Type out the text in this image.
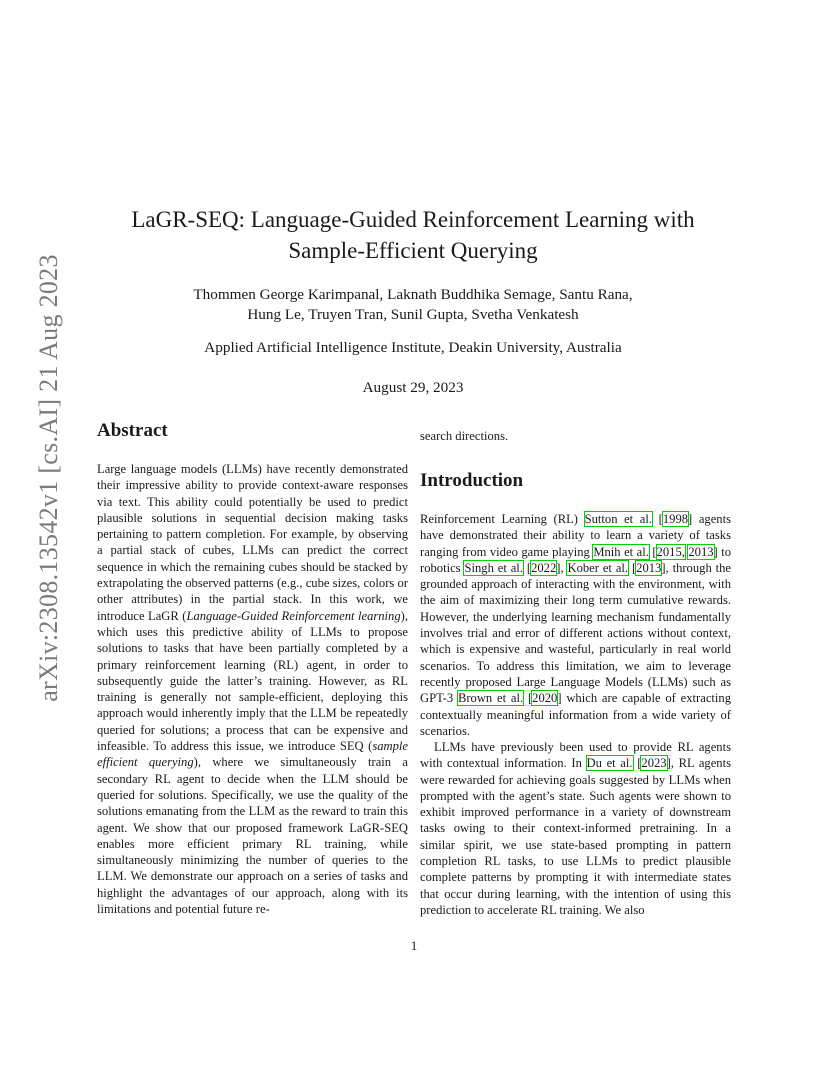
arXiv:2308.13542v1 [cs.AI] 21 Aug 2023
LaGR-SEQ: Language-Guided Reinforcement Learning with
Sample-Efficient Querying
Thommen George Karimpanal, Laknath Buddhika Semage, Santu Rana,
Hung Le, Truyen Tran, Sunil Gupta, Svetha Venkatesh
Applied Artificial Intelligence Institute, Deakin University, Australia
August 29, 2023
Abstract

Large language models (LLMs) have recently demonstrated their impressive ability to provide context-aware responses via text. This ability could potentially be used to predict plausible solutions in sequential decision making tasks pertaining to pattern completion. For example, by observing a partial stack of cubes, LLMs can predict the correct sequence in which the remaining cubes should be stacked by extrapolating the observed patterns (e.g., cube sizes, colors or other attributes) in the partial stack. In this work, we introduce LaGR (Language-Guided Reinforcement learning), which uses this predictive ability of LLMs to propose solutions to tasks that have been partially completed by a primary reinforcement learning (RL) agent, in order to subsequently guide the latter’s training. However, as RL training is generally not sample-efficient, deploying this approach would inherently imply that the LLM be repeatedly queried for solutions; a process that can be expensive and infeasible. To address this issue, we introduce SEQ (sample efficient querying), where we simultaneously train a secondary RL agent to decide when the LLM should be queried for solutions. Specifically, we use the quality of the solutions emanating from the LLM as the reward to train this agent. We show that our proposed framework LaGR-SEQ enables more efficient primary RL training, while simultaneously minimizing the number of queries to the LLM. We demonstrate our approach on a series of tasks and highlight the advantages of our approach, along with its limitations and potential future re-

search directions.

Introduction

Reinforcement Learning (RL) Sutton et al. [1998] agents have demonstrated their ability to learn a variety of tasks ranging from video game playing Mnih et al. [2015, 2013] to robotics Singh et al. [2022], Kober et al. [2013], through the grounded approach of interacting with the environment, with the aim of maximizing their long term cumulative rewards. However, the underlying learning mechanism fundamentally involves trial and error of different actions without context, which is expensive and wasteful, particularly in real world scenarios. To address this limitation, we aim to leverage recently proposed Large Language Models (LLMs) such as GPT-3 Brown et al. [2020] which are capable of extracting contextually meaningful information from a wide variety of scenarios.

LLMs have previously been used to provide RL agents with contextual information. In Du et al. [2023], RL agents were rewarded for achieving goals suggested by LLMs when prompted with the agent’s state. Such agents were shown to exhibit improved performance in a variety of downstream tasks owing to their context-informed pretraining. In a similar spirit, we use state-based prompting in pattern completion RL tasks, to use LLMs to predict plausible complete patterns by prompting it with intermediate states that occur during learning, with the intention of using this prediction to accelerate RL training. We also

1
